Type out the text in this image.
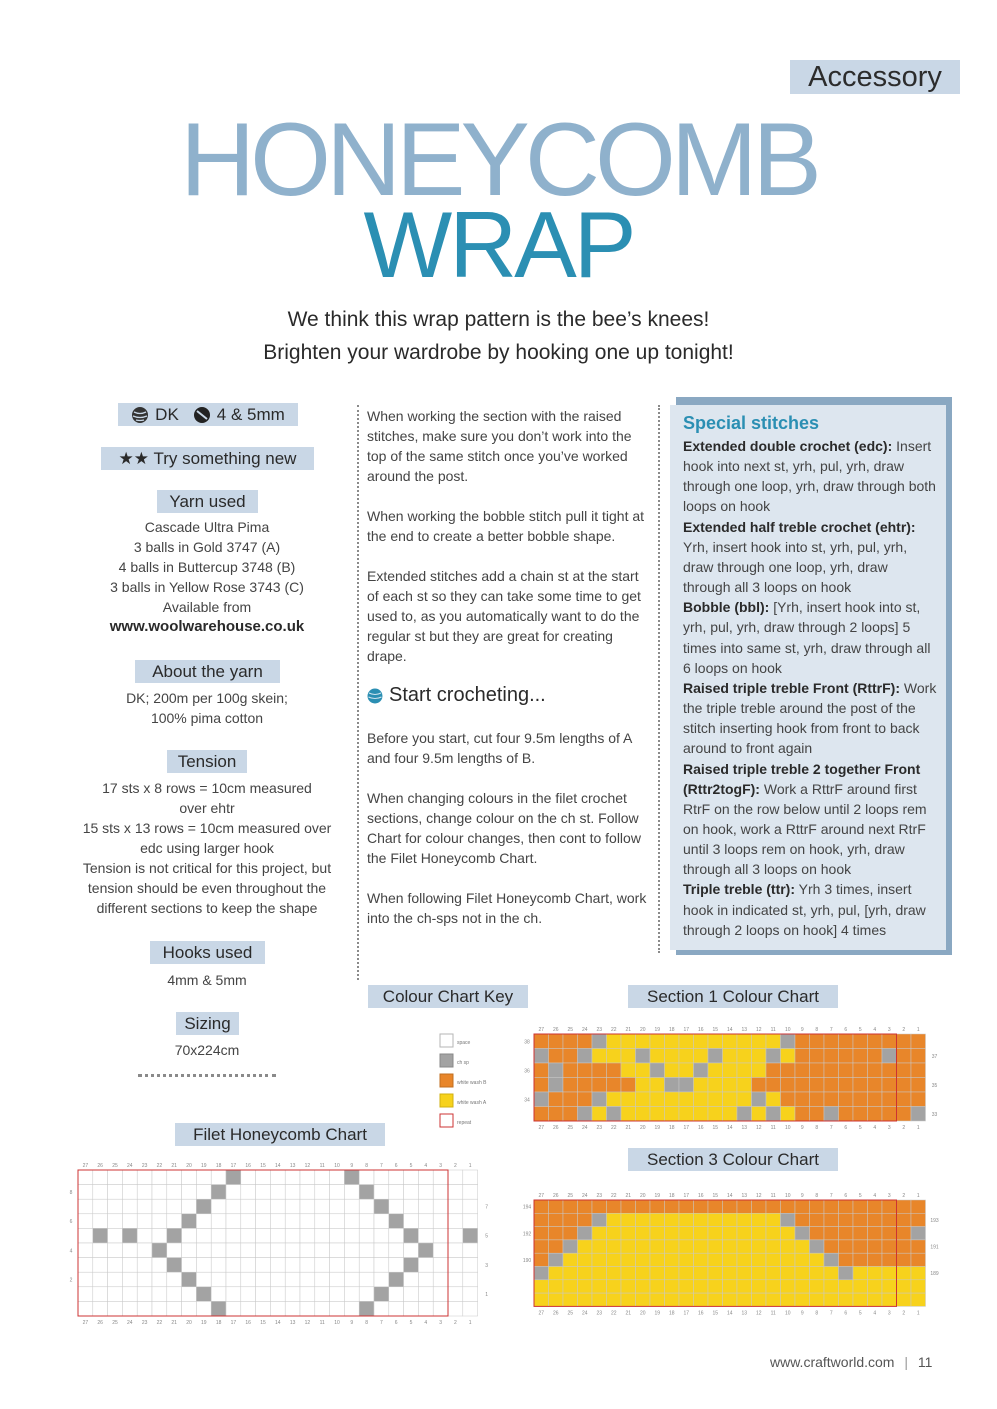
Accessory
HONEYCOMB
WRAP
We think this wrap pattern is the bee’s knees!
Brighten your wardrobe by hooking one up tonight!
DK 4 & 5mm
★★ Try something new
Yarn used
Cascade Ultra Pima
3 balls in Gold 3747 (A)
4 balls in Buttercup 3748 (B)
3 balls in Yellow Rose 3743 (C)
Available from
www.woolwarehouse.co.uk
About the yarn
DK; 200m per 100g skein;
100% pima cotton
Tension
17 sts x 8 rows = 10cm measured
over ehtr
15 sts x 13 rows = 10cm measured over
edc using larger hook
Tension is not critical for this project, but
tension should be even throughout the
different sections to keep the shape
Hooks used
4mm & 5mm
Sizing
70x224cm

When working the section with the raised stitches, make sure you don’t work into the top of the same stitch once you’ve worked around the post.

When working the bobble stitch pull it tight at the end to create a better bobble shape.

Extended stitches add a chain st at the start of each st so they can take some time to get used to, as you automatically want to do the regular st but they are great for creating drape.

Start crocheting...

Before you start, cut four 9.5m lengths of A and four 9.5m lengths of B.

When changing colours in the filet crochet sections, change colour on the ch st. Follow Chart for colour changes, then cont to follow the Filet Honeycomb Chart.

When following Filet Honeycomb Chart, work into the ch-sps not in the ch.

Special stitches
Extended double crochet (edc): Insert hook into next st, yrh, pul, yrh, draw through one loop, yrh, draw through both loops on hook
Extended half treble crochet (ehtr): Yrh, insert hook into st, yrh, pul, yrh, draw through one loop, yrh, draw through all 3 loops on hook
Bobble (bbl): [Yrh, insert hook into st, yrh, pul, yrh, draw through 2 loops] 5 times into same st, yrh, draw through all 6 loops on hook
Raised triple treble Front (RttrF): Work the triple treble around the post of the stitch inserting hook from front to back around to front again
Raised triple treble 2 together Front (Rttr2togF): Work a RttrF around first RtrF on the row below until 2 loops rem on hook, work a RttrF around next RtrF until 3 loops rem on hook, yrh, draw through all 3 loops on hook
Triple treble (ttr): Yrh 3 times, insert hook in indicated st, yrh, pul, [yrh, draw through 2 loops on hook] 4 times
Colour Chart Key	Section 1 Colour Chart
Section 3 Colour Chart
Filet Honeycomb Chart
space
ch sp
white wash B
white wash A
repeat
27
27
26
26
25
25
24
24
23
23
22
22
21
21
20
20
19
19
18
18
17
17
16
16
15
15
14
14
13
13
12
12
11
11
10
10
9
9
8
8
7
7
6
6
5
5
4
4
3
3
2
2
1
1
38
36
34
37
35
33
27
27
26
26
25
25
24
24
23
23
22
22
21
21
20
20
19
19
18
18
17
17
16
16
15
15
14
14
13
13
12
12
11
11
10
10
9
9
8
8
7
7
6
6
5
5
4
4
3
3
2
2
1
1
194
192
190
193
191
189
27
27
26
26
25
25
24
24
23
23
22
22
21
21
20
20
19
19
18
18
17
17
16
16
15
15
14
14
13
13
12
12
11
11
10
10
9
9
8
8
7
7
6
6
5
5
4
4
3
3
2
2
1
1
8
6
4
2
7
5
3
1
www.craftworld.com | 11
